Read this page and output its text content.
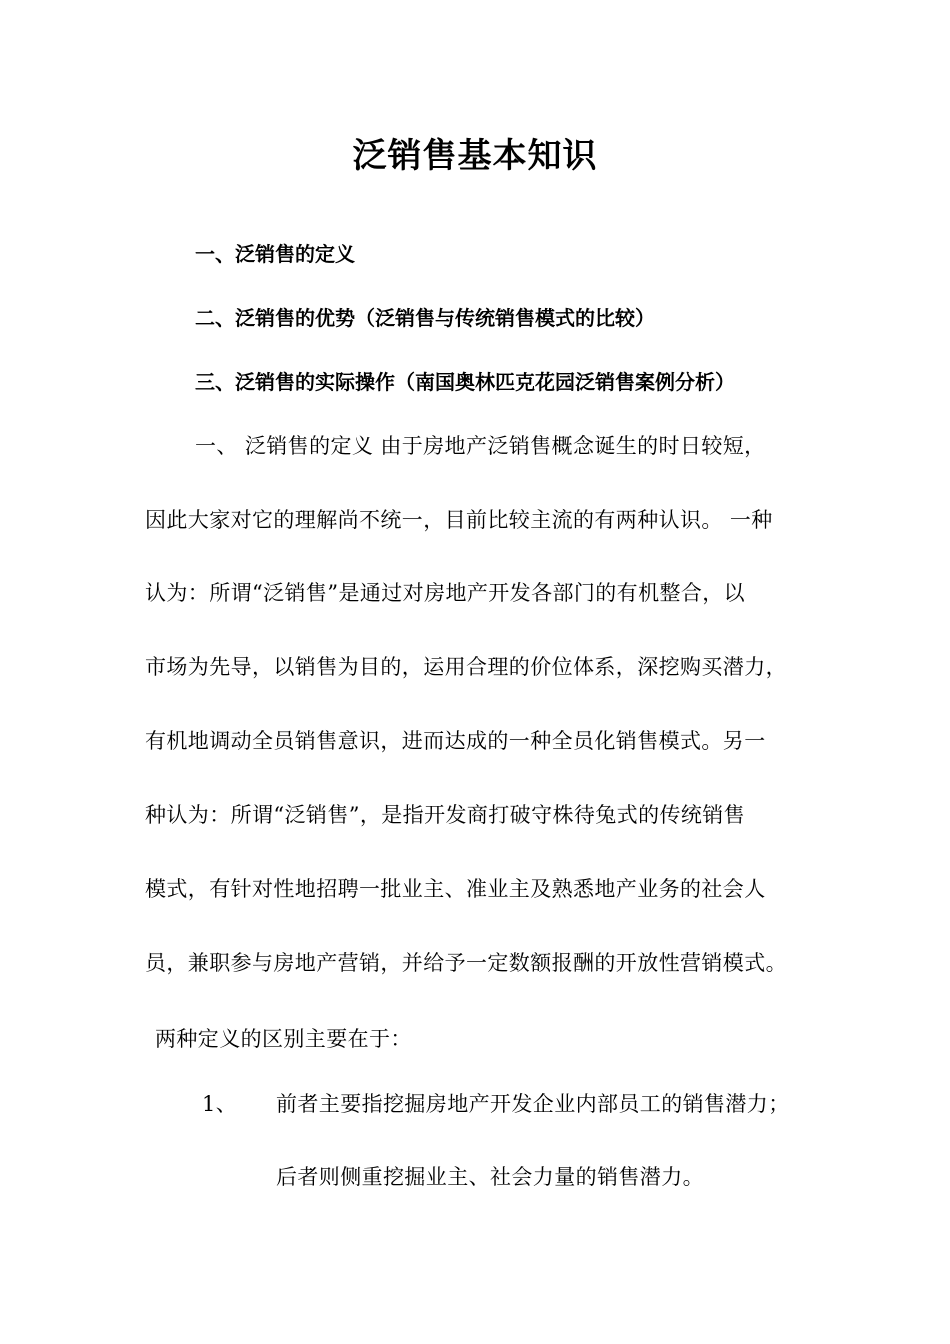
泛销售基本知识
一、泛销售的定义
二、泛销售的优势（泛销售与传统销售模式的比较）
三、泛销售的实际操作（南国奥林匹克花园泛销售案例分析）
一、 泛销售的定义 由于房地产泛销售概念诞生的时日较短，
因此大家对它的理解尚不统一，目前比较主流的有两种认识。 一种
认为：所谓“泛销售”是通过对房地产开发各部门的有机整合，以
市场为先导，以销售为目的，运用合理的价位体系，深挖购买潜力，
有机地调动全员销售意识，进而达成的一种全员化销售模式。另一
种认为：所谓“泛销售”，是指开发商打破守株待兔式的传统销售
模式，有针对性地招聘一批业主、准业主及熟悉地产业务的社会人
员，兼职参与房地产营销，并给予一定数额报酬的开放性营销模式。
两种定义的区别主要在于：
1、 前者主要指挖掘房地产开发企业内部员工的销售潜力；
后者则侧重挖掘业主、社会力量的销售潜力。
